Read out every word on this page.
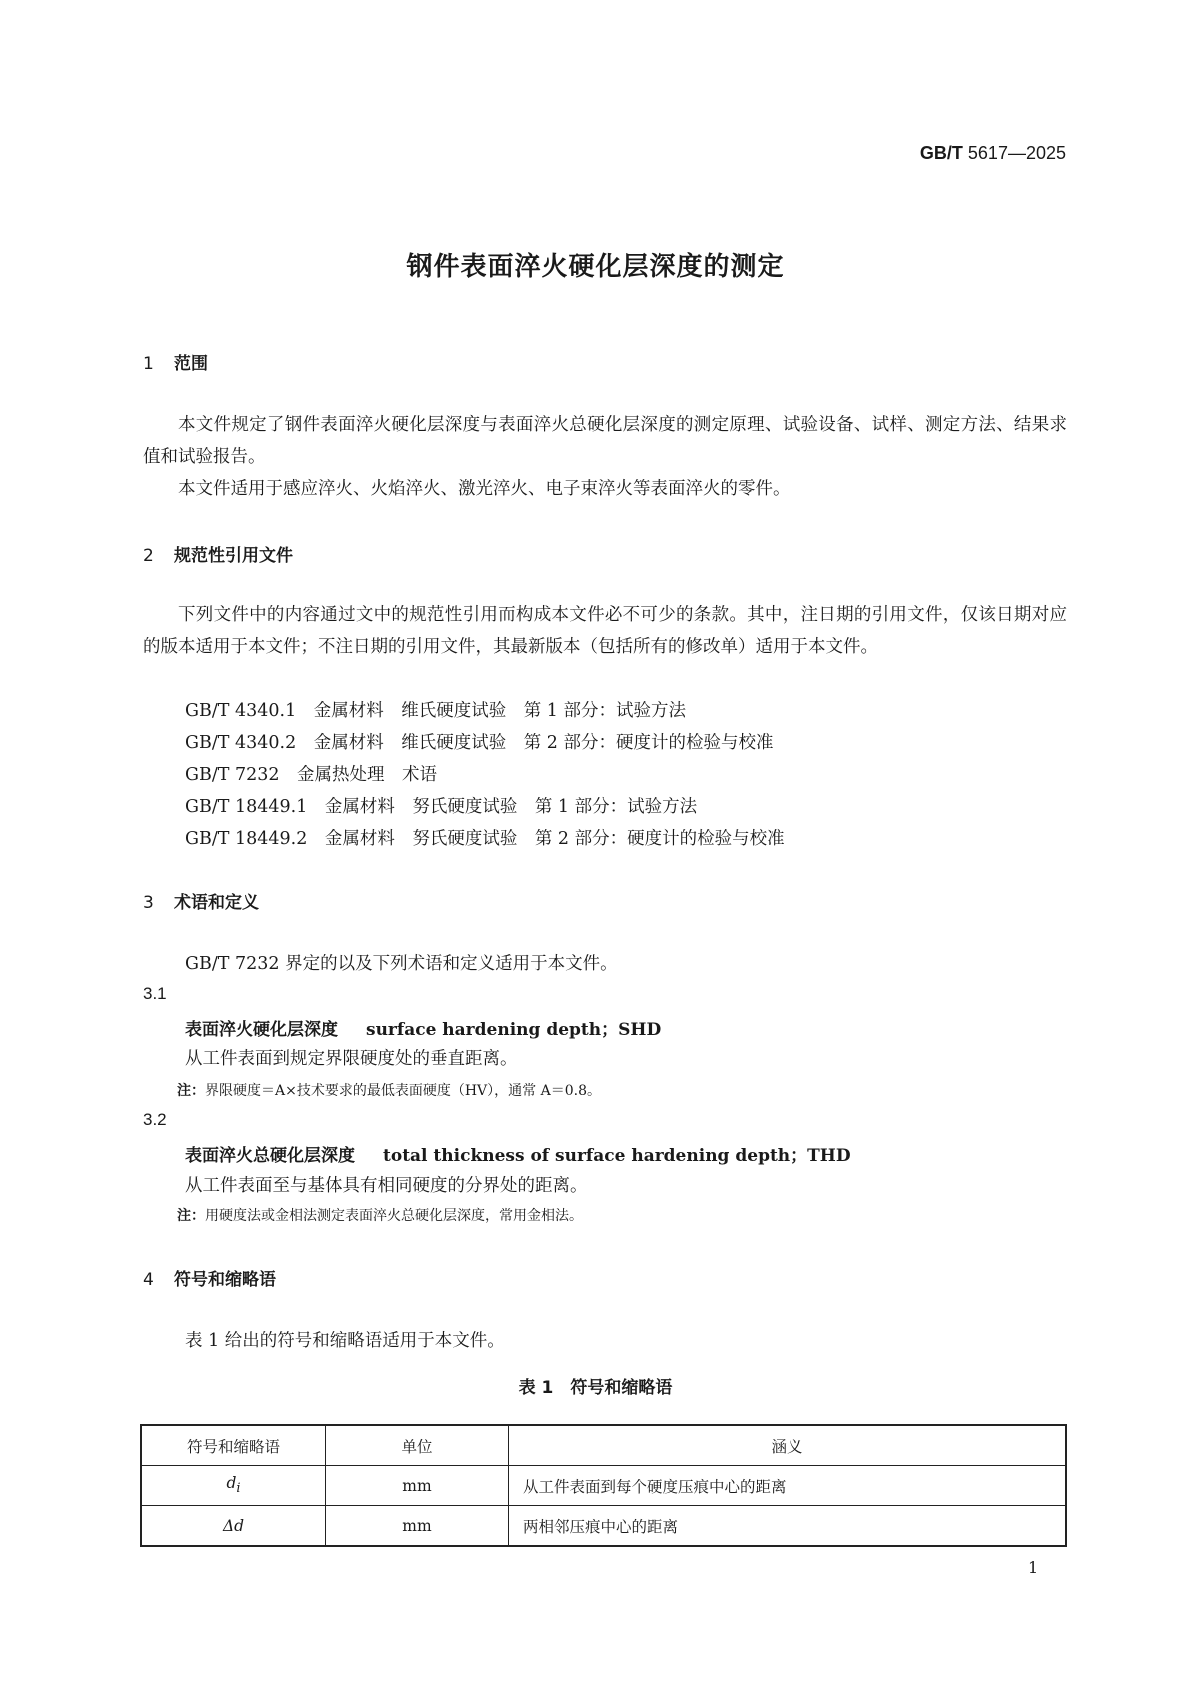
GB/T 5617—2025
钢件表面淬火硬化层深度的测定
1 范围
本文件规定了钢件表面淬火硬化层深度与表面淬火总硬化层深度的测定原理、试验设备、试样、测定方法、结果求值和试验报告。
本文件适用于感应淬火、火焰淬火、激光淬火、电子束淬火等表面淬火的零件。
2 规范性引用文件
下列文件中的内容通过文中的规范性引用而构成本文件必不可少的条款。其中，注日期的引用文件，仅该日期对应的版本适用于本文件；不注日期的引用文件，其最新版本（包括所有的修改单）适用于本文件。
GB/T 4340.1　金属材料　维氏硬度试验　第 1 部分：试验方法
GB/T 4340.2　金属材料　维氏硬度试验　第 2 部分：硬度计的检验与校准
GB/T 7232　金属热处理　术语
GB/T 18449.1　金属材料　努氏硬度试验　第 1 部分：试验方法
GB/T 18449.2　金属材料　努氏硬度试验　第 2 部分：硬度计的检验与校准
3 术语和定义
GB/T 7232 界定的以及下列术语和定义适用于本文件。
3.1
表面淬火硬化层深度 surface hardening depth；SHD
从工件表面到规定界限硬度处的垂直距离。
注：界限硬度＝A×技术要求的最低表面硬度（HV），通常 A＝0.8。
3.2
表面淬火总硬化层深度 total thickness of surface hardening depth；THD
从工件表面至与基体具有相同硬度的分界处的距离。
注：用硬度法或金相法测定表面淬火总硬化层深度，常用金相法。
4 符号和缩略语
表 1 给出的符号和缩略语适用于本文件。
表 1　符号和缩略语
符号和缩略语	单位	涵义
$d_i$	mm	从工件表面到每个硬度压痕中心的距离
Δd	mm	两相邻压痕中心的距离
1
